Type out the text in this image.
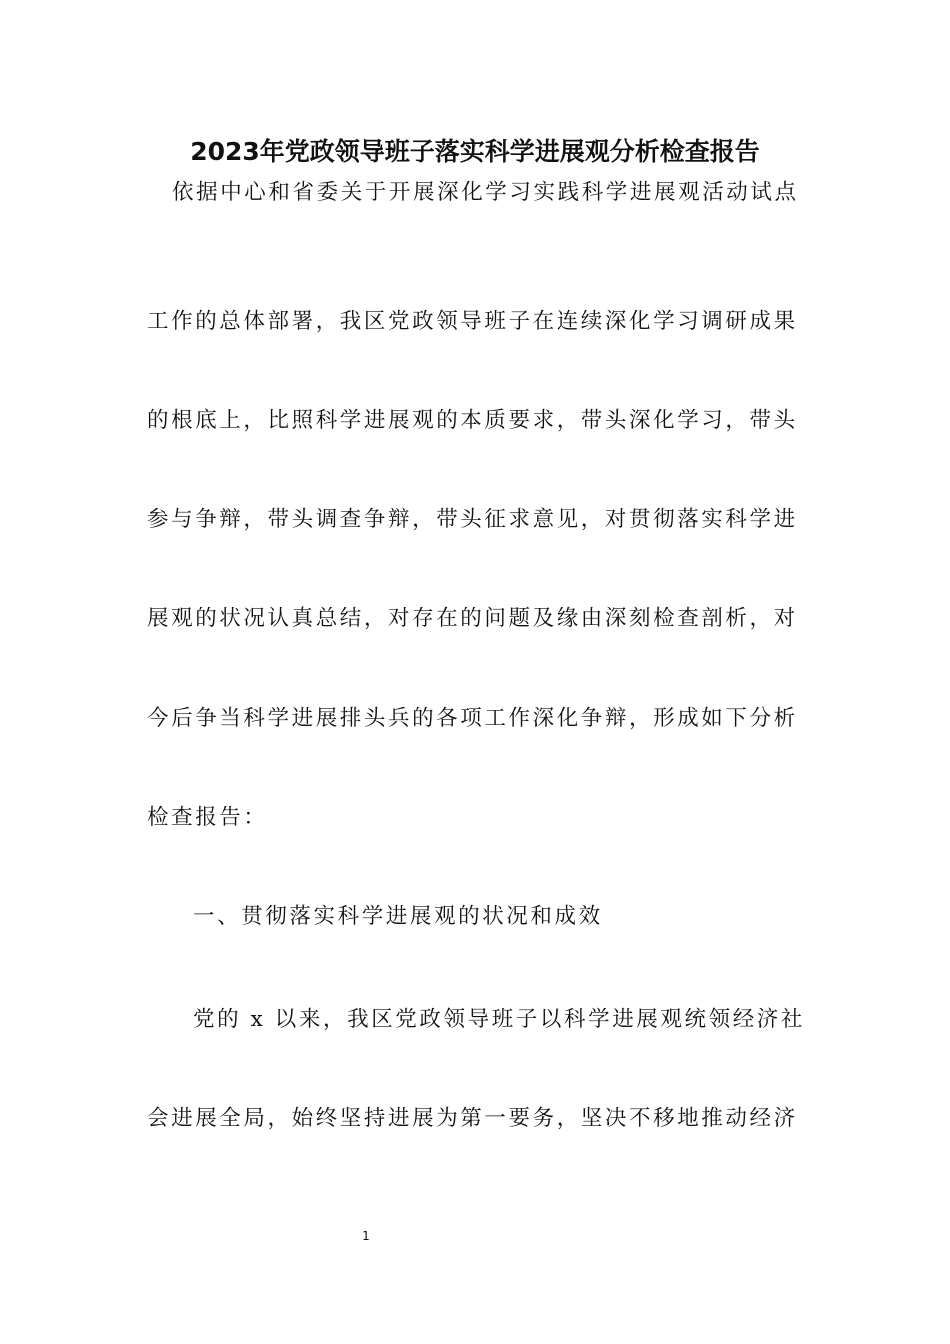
2023年党政领导班子落实科学进展观分析检查报告
依据中心和省委关于开展深化学习实践科学进展观活动试点
工作的总体部署，我区党政领导班子在连续深化学习调研成果
的根底上，比照科学进展观的本质要求，带头深化学习，带头
参与争辩，带头调查争辩，带头征求意见，对贯彻落实科学进
展观的状况认真总结，对存在的问题及缘由深刻检查剖析，对
今后争当科学进展排头兵的各项工作深化争辩，形成如下分析
检查报告：
一、贯彻落实科学进展观的状况和成效
党的 x 以来，我区党政领导班子以科学进展观统领经济社
会进展全局，始终坚持进展为第一要务，坚决不移地推动经济
1
